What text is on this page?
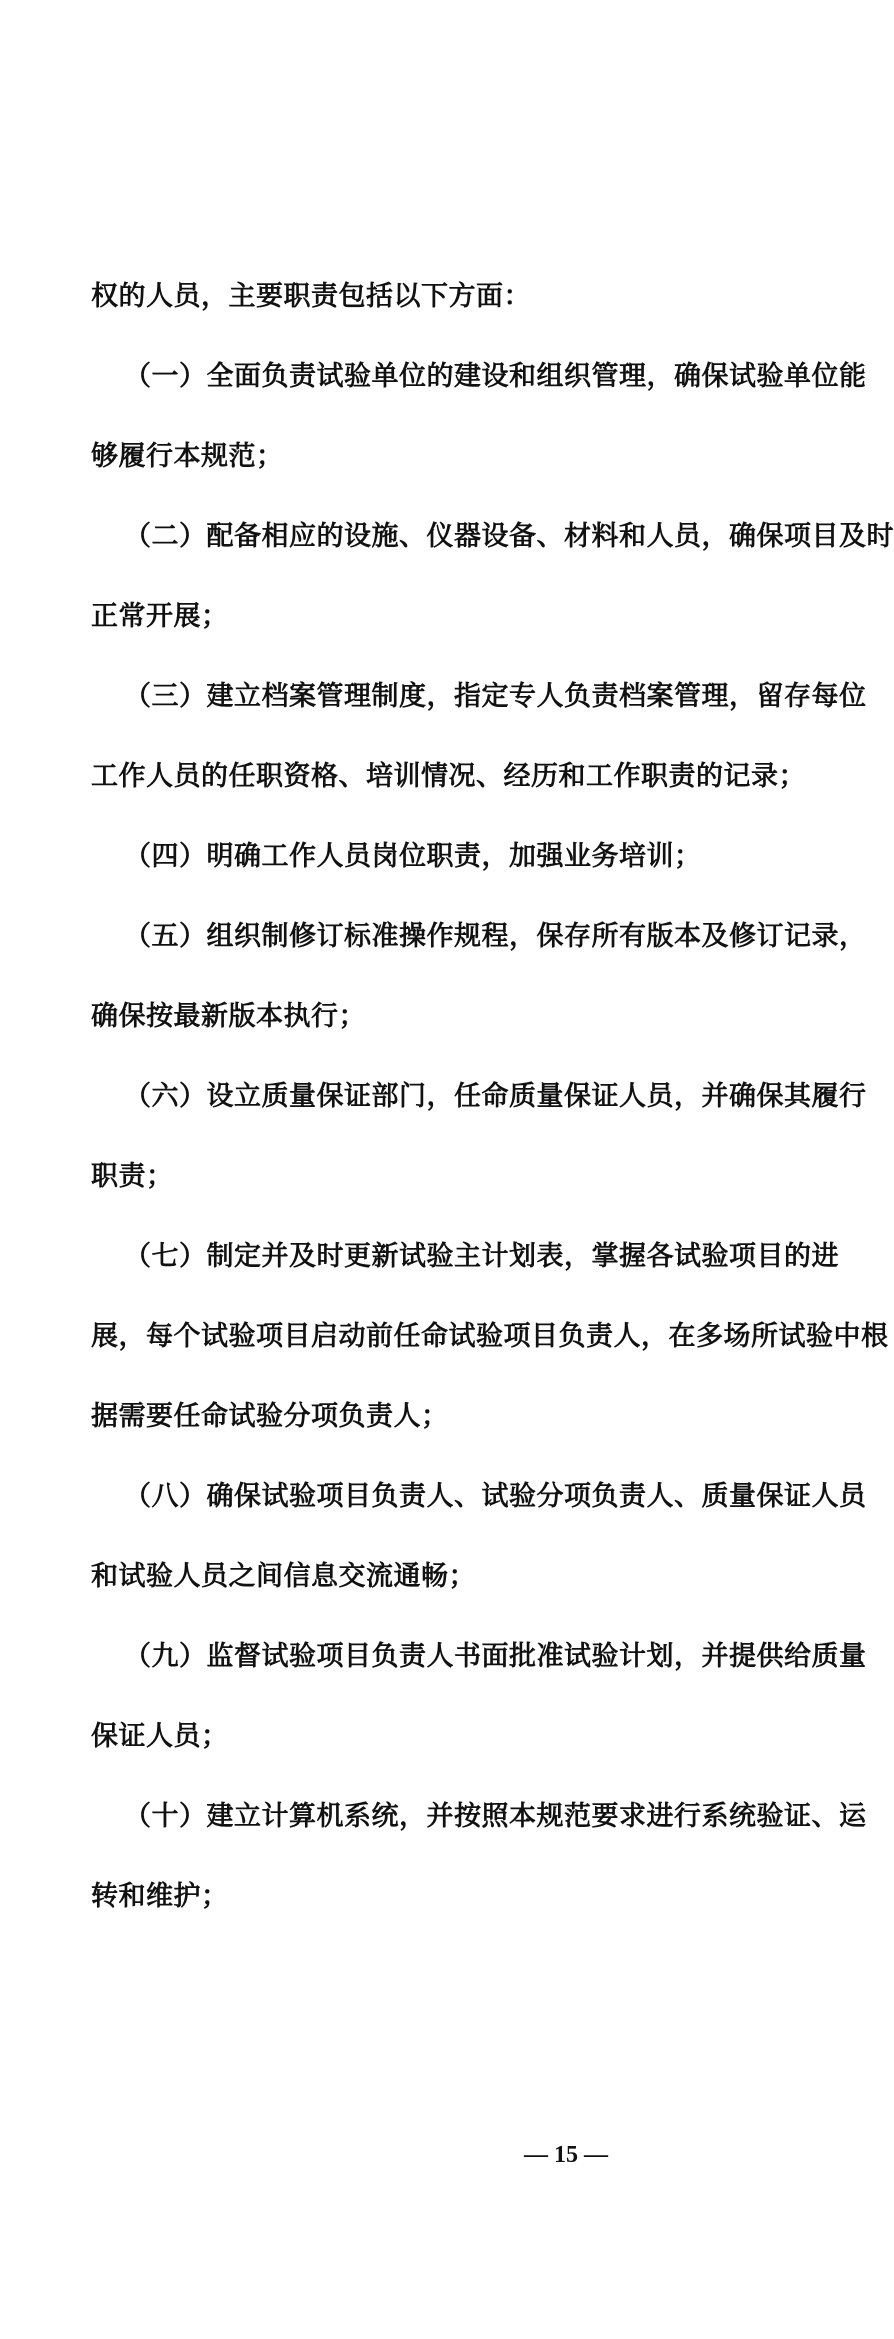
权的人员，主要职责包括以下方面：
（一）全面负责试验单位的建设和组织管理，确保试验单位能
够履行本规范；
（二）配备相应的设施、仪器设备、材料和人员，确保项目及时
正常开展；
（三）建立档案管理制度，指定专人负责档案管理，留存每位
工作人员的任职资格、培训情况、经历和工作职责的记录；
（四）明确工作人员岗位职责，加强业务培训；
（五）组织制修订标准操作规程，保存所有版本及修订记录，
确保按最新版本执行；
（六）设立质量保证部门，任命质量保证人员，并确保其履行
职责；
（七）制定并及时更新试验主计划表，掌握各试验项目的进
展，每个试验项目启动前任命试验项目负责人，在多场所试验中根
据需要任命试验分项负责人；
（八）确保试验项目负责人、试验分项负责人、质量保证人员
和试验人员之间信息交流通畅；
（九）监督试验项目负责人书面批准试验计划，并提供给质量
保证人员；
（十）建立计算机系统，并按照本规范要求进行系统验证、运
转和维护；
— 15 —
